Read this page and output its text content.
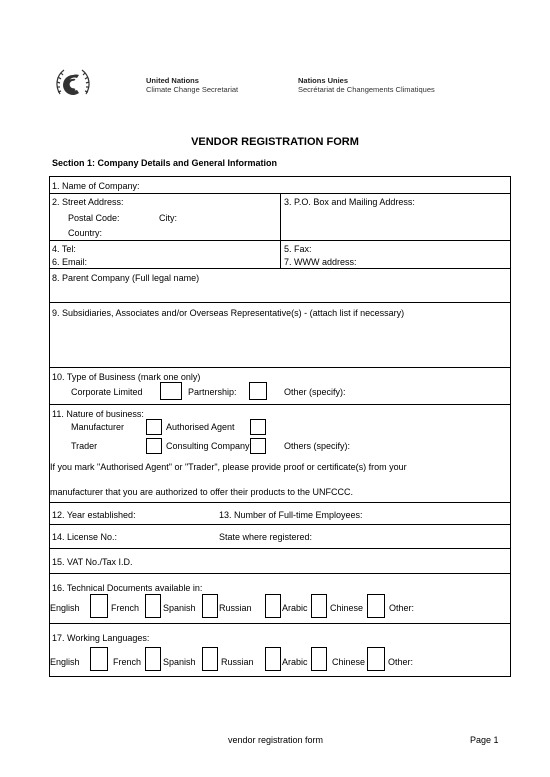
United Nations
Climate Change Secretariat
Nations Unies
Secrétariat de Changements Climatiques
VENDOR REGISTRATION FORM
Section 1: Company Details and General Information
1. Name of Company:
2. Street Address:	3. P.O. Box and Mailing Address:
Postal Code:	City:
Country:
4. Tel:	5. Fax:
6. Email:	7. WWW address:
8. Parent Company (Full legal name)
9. Subsidiaries, Associates and/or Overseas Representative(s) - (attach list if necessary)
10. Type of Business (mark one only)
Corporate Limited	Partnership:	Other (specify):
11. Nature of business:
Manufacturer	Authorised Agent
Trader	Consulting Company	Others (specify):
If you mark "Authorised Agent" or "Trader", please provide proof or certificate(s) from your
manufacturer that you are authorized to offer their products to the UNFCCC.
12. Year established:	13. Number of Full-time Employees:
14. License No.:	State where registered:
15. VAT No./Tax I.D.
16. Technical Documents available in:
English	French	Spanish	Russian	Arabic Chinese	Other:
17. Working Languages:
English	French Spanish	Russian	Arabic	Chinese	Other:
vendor registration form	Page 1
